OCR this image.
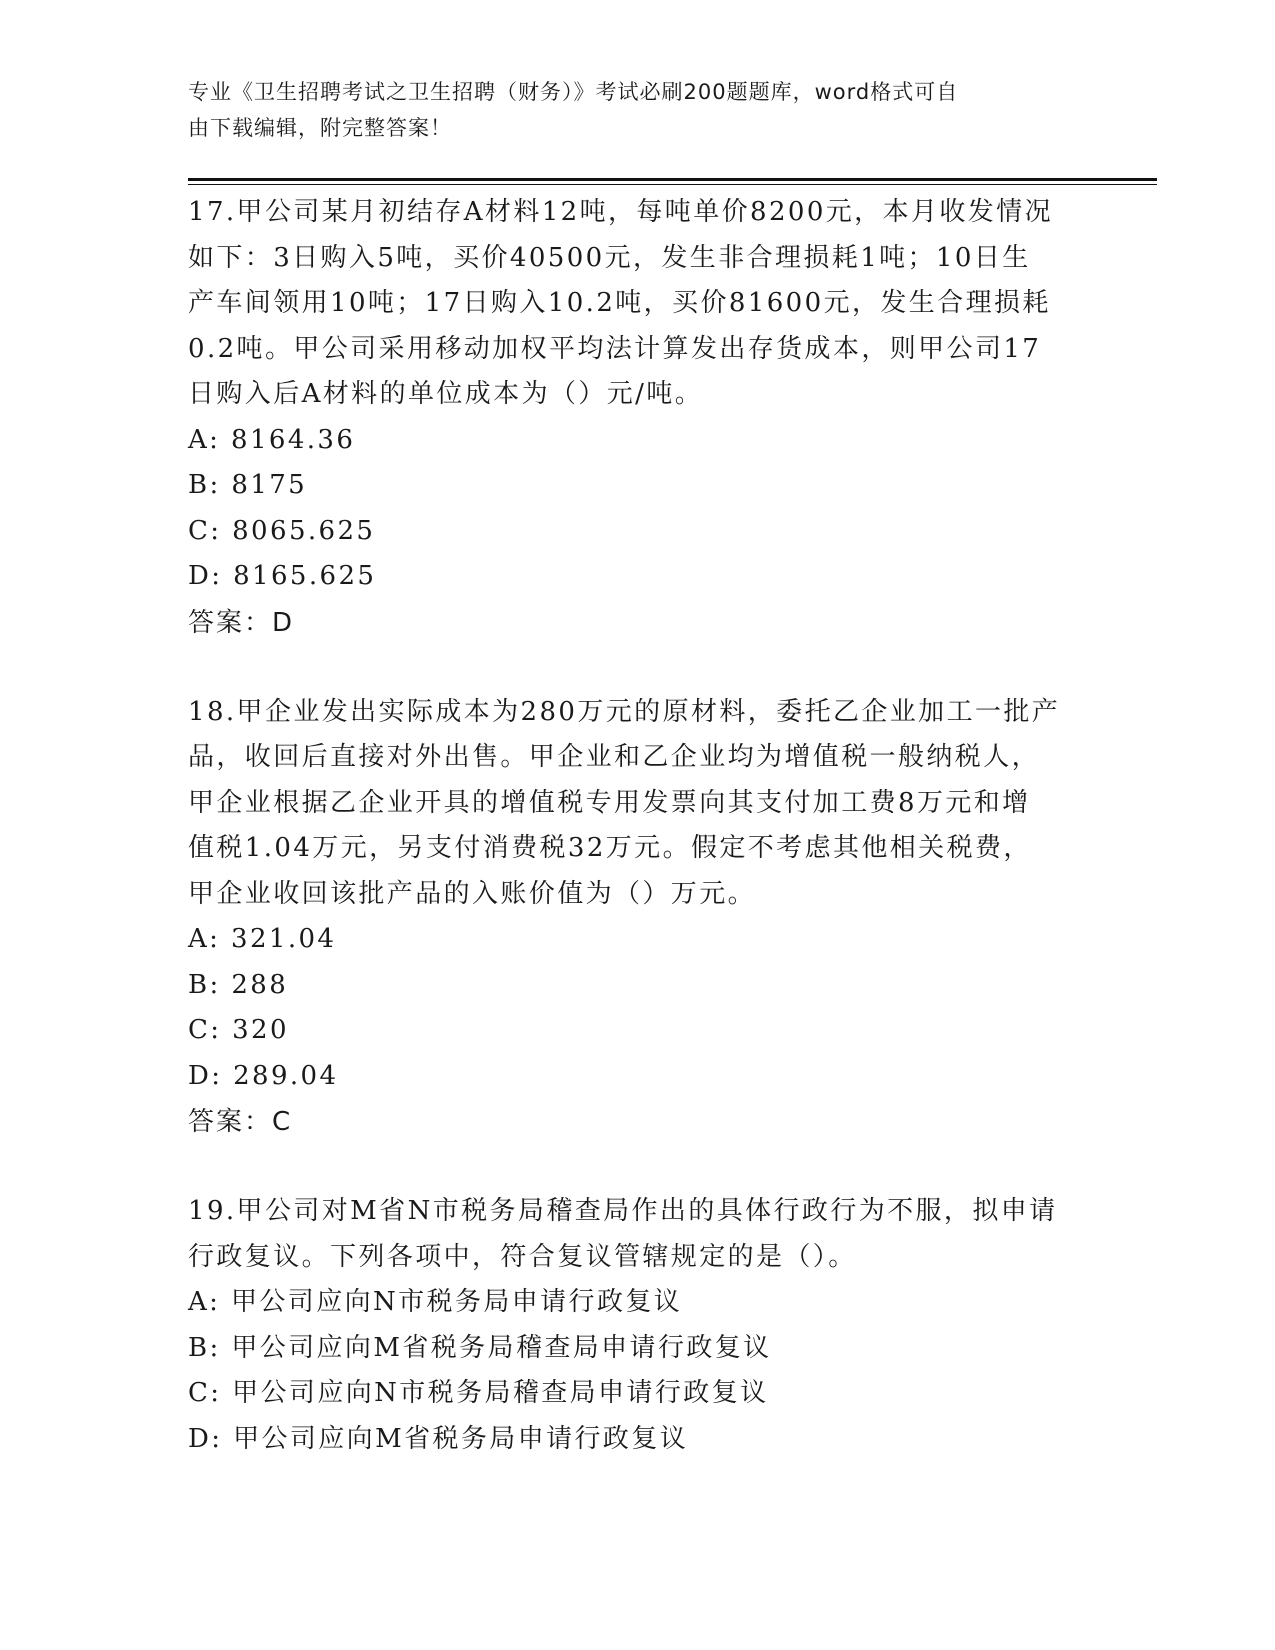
专业《卫生招聘考试之卫生招聘（财务）》考试必刷200题题库，word格式可自
由下载编辑，附完整答案！
17.甲公司某月初结存A材料12吨，每吨单价8200元，本月收发情况
如下：3日购入5吨，买价40500元，发生非合理损耗1吨；10日生
产车间领用10吨；17日购入10.2吨，买价81600元，发生合理损耗
0.2吨。甲公司采用移动加权平均法计算发出存货成本，则甲公司17
日购入后A材料的单位成本为（）元/吨。
A: 8164.36
B: 8175
C: 8065.625
D: 8165.625
答案：D
18.甲企业发出实际成本为280万元的原材料，委托乙企业加工一批产
品，收回后直接对外出售。甲企业和乙企业均为增值税一般纳税人，
甲企业根据乙企业开具的增值税专用发票向其支付加工费8万元和增
值税1.04万元，另支付消费税32万元。假定不考虑其他相关税费，
甲企业收回该批产品的入账价值为（）万元。
A: 321.04
B: 288
C: 320
D: 289.04
答案：C
19.甲公司对M省N市税务局稽查局作出的具体行政行为不服，拟申请
行政复议。下列各项中，符合复议管辖规定的是（）。
A: 甲公司应向N市税务局申请行政复议
B: 甲公司应向M省税务局稽查局申请行政复议
C: 甲公司应向N市税务局稽查局申请行政复议
D: 甲公司应向M省税务局申请行政复议
